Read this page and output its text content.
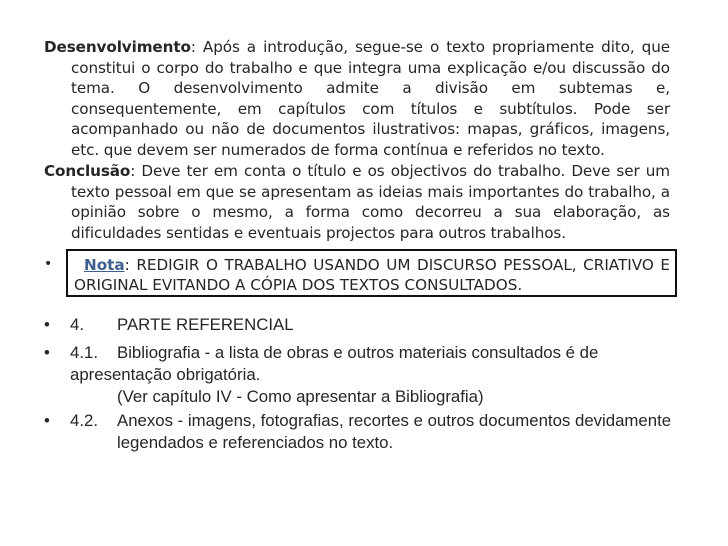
Desenvolvimento: Após a introdução, segue-se o texto propriamente dito, que constitui o corpo do trabalho e que integra uma explicação e/ou discussão do tema. O desenvolvimento admite a divisão em subtemas e, consequentemente, em capítulos com títulos e subtítulos. Pode ser acompanhado ou não de documentos ilustrativos: mapas, gráficos, imagens, etc. que devem ser numerados de forma contínua e referidos no texto.
Conclusão: Deve ter em conta o título e os objectivos do trabalho. Deve ser um texto pessoal em que se apresentam as ideias mais importantes do trabalho, a opinião sobre o mesmo, a forma como decorreu a sua elaboração, as dificuldades sentidas e eventuais projectos para outros trabalhos.
•	Nota: REDIGIR O TRABALHO USANDO UM DISCURSO PESSOAL, CRIATIVO E ORIGINAL EVITANDO A CÓPIA DOS TEXTOS CONSULTADOS.
• 4. PARTE REFERENCIAL
• 4.1. Bibliografia - a lista de obras e outros materiais consultados é de
apresentação obrigatória.
(Ver capítulo IV - Como apresentar a Bibliografia)
• 4.2. Anexos - imagens, fotografias, recortes e outros documentos devidamente
legendados e referenciados no texto.
